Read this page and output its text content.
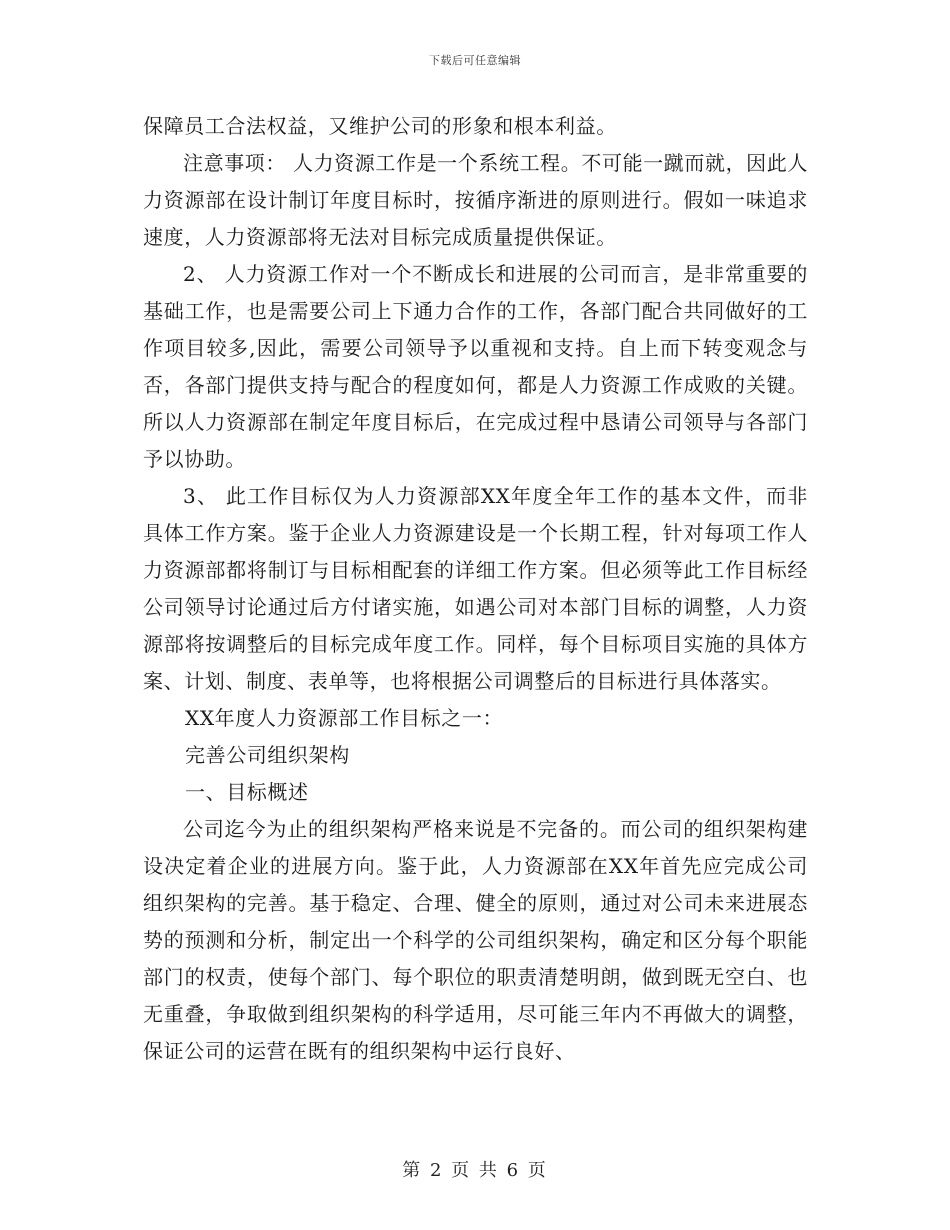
下载后可任意编辑

保障员工合法权益，又维护公司的形象和根本利益。

注意事项： 人力资源工作是一个系统工程。不可能一蹴而就，因此人力资源部在设计制订年度目标时，按循序渐进的原则进行。假如一味追求速度，人力资源部将无法对目标完成质量提供保证。

2、 人力资源工作对一个不断成长和进展的公司而言，是非常重要的基础工作，也是需要公司上下通力合作的工作，各部门配合共同做好的工作项目较多,因此，需要公司领导予以重视和支持。自上而下转变观念与否，各部门提供支持与配合的程度如何，都是人力资源工作成败的关键。所以人力资源部在制定年度目标后，在完成过程中恳请公司领导与各部门予以协助。

3、 此工作目标仅为人力资源部XX年度全年工作的基本文件，而非具体工作方案。鉴于企业人力资源建设是一个长期工程，针对每项工作人力资源部都将制订与目标相配套的详细工作方案。但必须等此工作目标经公司领导讨论通过后方付诸实施，如遇公司对本部门目标的调整，人力资源部将按调整后的目标完成年度工作。同样，每个目标项目实施的具体方案、计划、制度、表单等，也将根据公司调整后的目标进行具体落实。

XX年度人力资源部工作目标之一：

完善公司组织架构

一、目标概述

公司迄今为止的组织架构严格来说是不完备的。而公司的组织架构建设决定着企业的进展方向。鉴于此，人力资源部在XX年首先应完成公司组织架构的完善。基于稳定、合理、健全的原则，通过对公司未来进展态势的预测和分析，制定出一个科学的公司组织架构，确定和区分每个职能部门的权责，使每个部门、每个职位的职责清楚明朗，做到既无空白、也无重叠，争取做到组织架构的科学适用，尽可能三年内不再做大的调整，保证公司的运营在既有的组织架构中运行良好、

第 2 页 共 6 页
